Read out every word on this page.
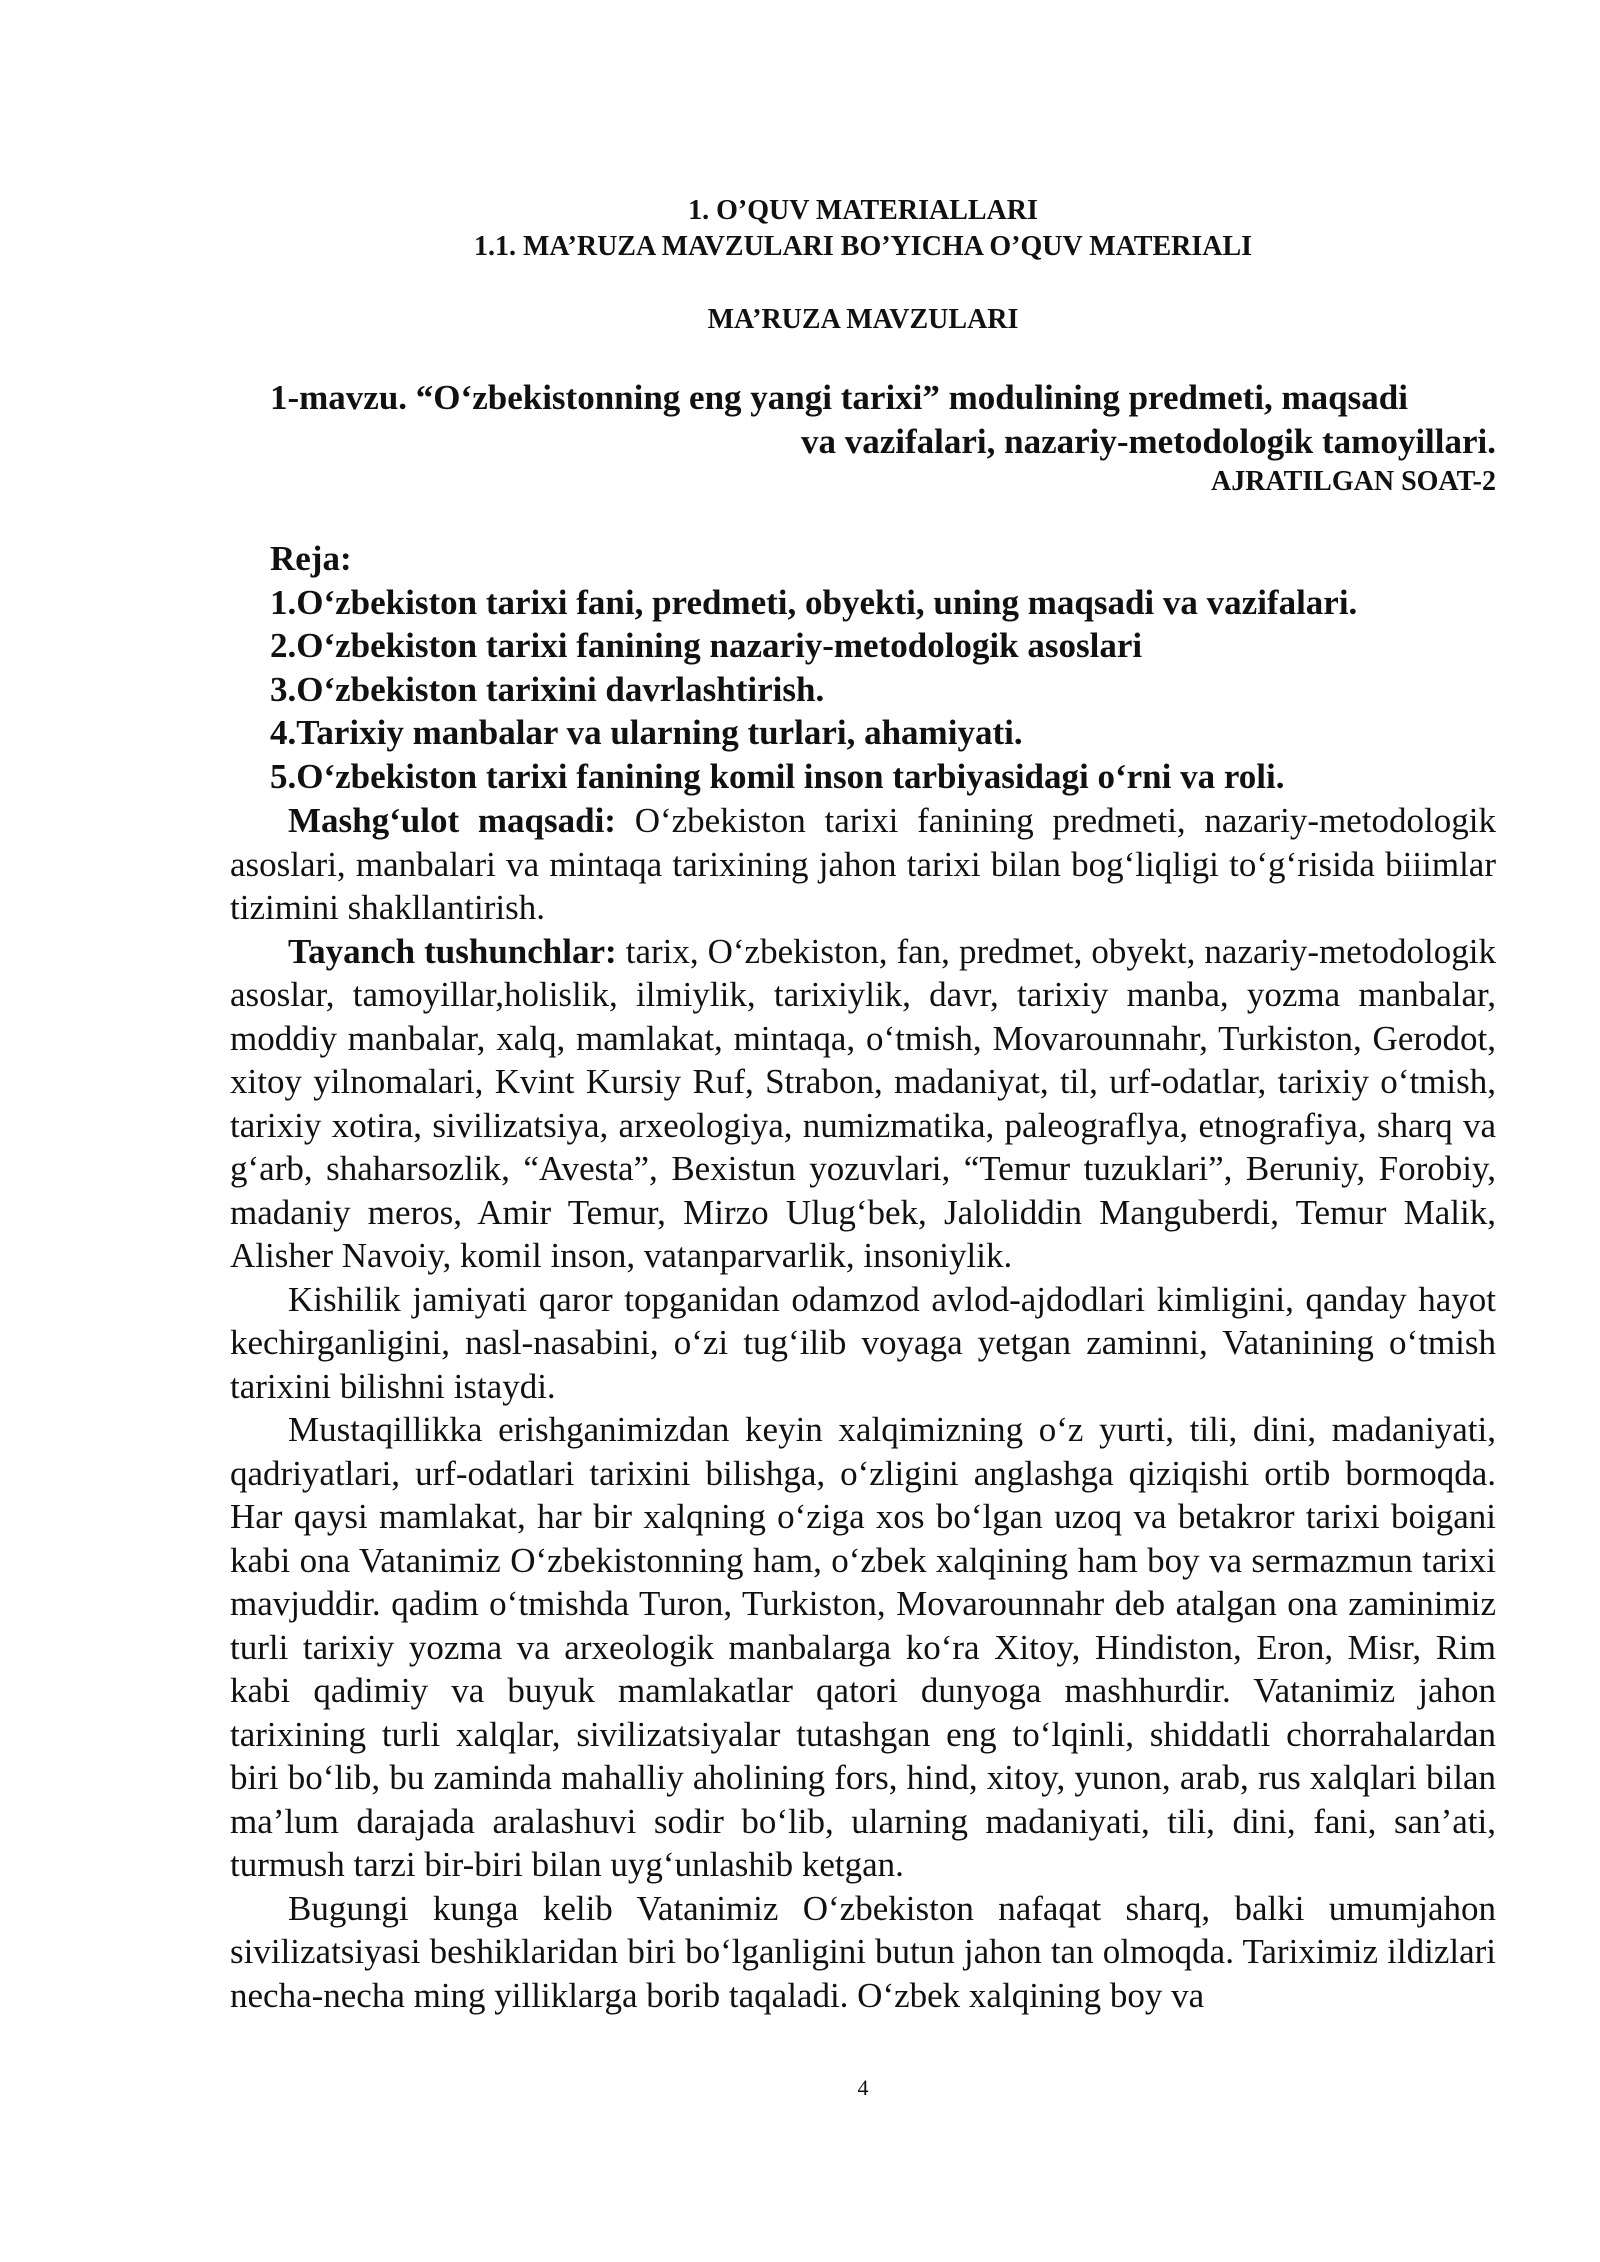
1. O’QUV MATERIALLARI
1.1. MA’RUZA MAVZULARI BO’YICHA O’QUV MATERIALI
MA’RUZA MAVZULARI
1-mavzu. “O‘zbekistonning eng yangi tarixi” modulining predmeti, maqsadi
va vazifalari, nazariy-metodologik tamoyillari.
AJRATILGAN SOAT-2
Reja:
1.O‘zbekiston tarixi fani, predmeti, obyekti, uning maqsadi va vazifalari.
2.O‘zbekiston tarixi fanining nazariy-metodologik asoslari
3.O‘zbekiston tarixini davrlashtirish.
4.Tarixiy manbalar va ularning turlari, ahamiyati.
5.O‘zbekiston tarixi fanining komil inson tarbiyasidagi o‘rni va roli.

Mashg‘ulot maqsadi: O‘zbekiston tarixi fanining predmeti, nazariy-metodologik asoslari, manbalari va mintaqa tarixining jahon tarixi bilan bog‘liqligi to‘g‘risida biiimlar tizimini shakllantirish.

Tayanch tushunchlar: tarix, O‘zbekiston, fan, predmet, obyekt, nazariy-metodologik asoslar, tamoyillar,holislik, ilmiylik, tarixiylik, davr, tarixiy manba, yozma manbalar, moddiy manbalar, xalq, mamlakat, mintaqa, o‘tmish, Movarounnahr, Turkiston, Gerodot, xitoy yilnomalari, Kvint Kursiy Ruf, Strabon, madaniyat, til, urf-odatlar, tarixiy o‘tmish, tarixiy xotira, sivilizatsiya, arxeologiya, numizmatika, paleograflya, etnografiya, sharq va g‘arb, shaharsozlik, “Avesta”, Bexistun yozuvlari, “Temur tuzuklari”, Beruniy, Forobiy, madaniy meros, Amir Temur, Mirzo Ulug‘bek, Jaloliddin Manguberdi, Temur Malik, Alisher Navoiy, komil inson, vatanparvarlik, insoniylik.

Kishilik jamiyati qaror topganidan odamzod avlod-ajdodlari kimligini, qanday hayot kechirganligini, nasl-nasabini, o‘zi tug‘ilib voyaga yetgan zaminni, Vatanining o‘tmish tarixini bilishni istaydi.

Mustaqillikka erishganimizdan keyin xalqimizning o‘z yurti, tili, dini, madaniyati, qadriyatlari, urf-odatlari tarixini bilishga, o‘zligini anglashga qiziqishi ortib bormoqda. Har qaysi mamlakat, har bir xalqning o‘ziga xos bo‘lgan uzoq va betakror tarixi boigani kabi ona Vatanimiz O‘zbekistonning ham, o‘zbek xalqining ham boy va sermazmun tarixi mavjuddir. qadim o‘tmishda Turon, Turkiston, Movarounnahr deb atalgan ona zaminimiz turli tarixiy yozma va arxeologik manbalarga ko‘ra Xitoy, Hindiston, Eron, Misr, Rim kabi qadimiy va buyuk mamlakatlar qatori dunyoga mashhurdir. Vatanimiz jahon tarixining turli xalqlar, sivilizatsiyalar tutashgan eng to‘lqinli, shiddatli chorrahalardan biri bo‘lib, bu zaminda mahalliy aholining fors, hind, xitoy, yunon, arab, rus xalqlari bilan ma’lum darajada aralashuvi sodir bo‘lib, ularning madaniyati, tili, dini, fani, san’ati, turmush tarzi bir-biri bilan uyg‘unlashib ketgan.

Bugungi kunga kelib Vatanimiz O‘zbekiston nafaqat sharq, balki umumjahon sivilizatsiyasi beshiklaridan biri bo‘lganligini butun jahon tan olmoqda. Tariximiz ildizlari necha-necha ming yilliklarga borib taqaladi. O‘zbek xalqining boy va

4
